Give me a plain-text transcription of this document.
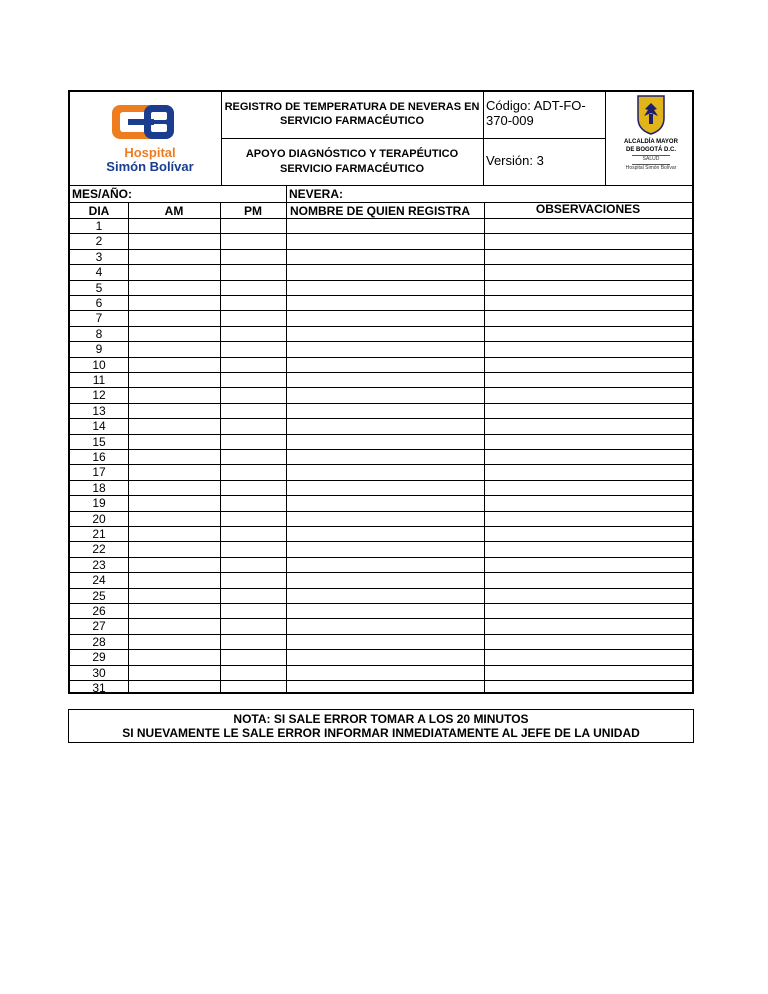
Hospital
Simón Bolívar
REGISTRO DE TEMPERATURA DE NEVERAS EN
SERVICIO FARMACÉUTICO
APOYO DIAGNÓSTICO Y TERAPÉUTICO
SERVICIO FARMACÉUTICO
Código: ADT-FO-
370-009
Versión: 3
ALCALDÍA MAYOR
DE BOGOTÁ D.C.
SALUD
Hospital Simón Bolívar
MES/AÑO:	NEVERA:
DIA	AM	PM	NOMBRE DE QUIEN REGISTRA	OBSERVACIONES
1
2
3
4
5
6
7
8
9
10
11
12
13
14
15
16
17
18
19
20
21
22
23
24
25
26
27
28
29
30
31
NOTA: SI SALE ERROR TOMAR A LOS 20 MINUTOS
SI NUEVAMENTE LE SALE ERROR INFORMAR INMEDIATAMENTE AL JEFE DE LA UNIDAD
